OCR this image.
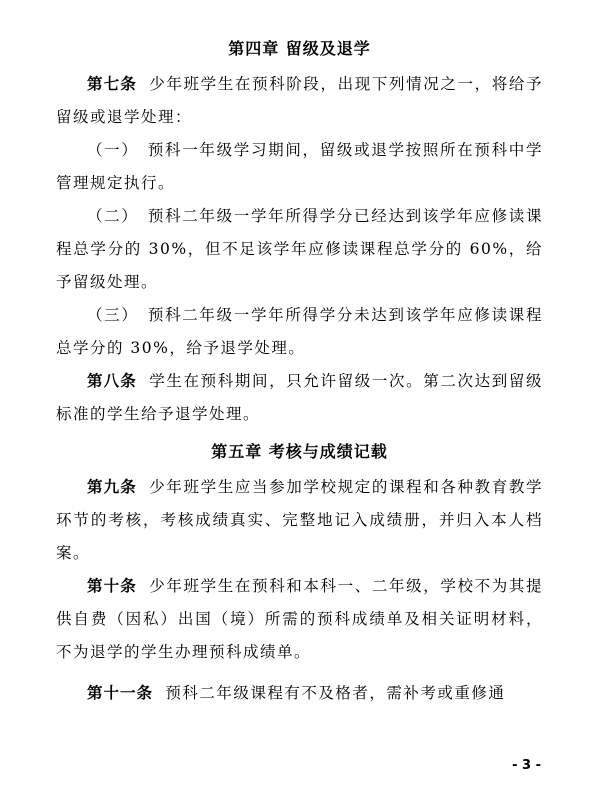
第四章 留级及退学

第七条 少年班学生在预科阶段，出现下列情况之一，将给予留级或退学处理：

（一） 预科一年级学习期间，留级或退学按照所在预科中学管理规定执行。

（二） 预科二年级一学年所得学分已经达到该学年应修读课程总学分的 30%，但不足该学年应修读课程总学分的 60%，给予留级处理。

（三） 预科二年级一学年所得学分未达到该学年应修读课程总学分的 30%，给予退学处理。

第八条 学生在预科期间，只允许留级一次。第二次达到留级标准的学生给予退学处理。

第五章 考核与成绩记载

第九条 少年班学生应当参加学校规定的课程和各种教育教学环节的考核，考核成绩真实、完整地记入成绩册，并归入本人档案。

第十条 少年班学生在预科和本科一、二年级，学校不为其提供自费（因私）出国（境）所需的预科成绩单及相关证明材料，不为退学的学生办理预科成绩单。

第十一条 预科二年级课程有不及格者，需补考或重修通

- 3 -
